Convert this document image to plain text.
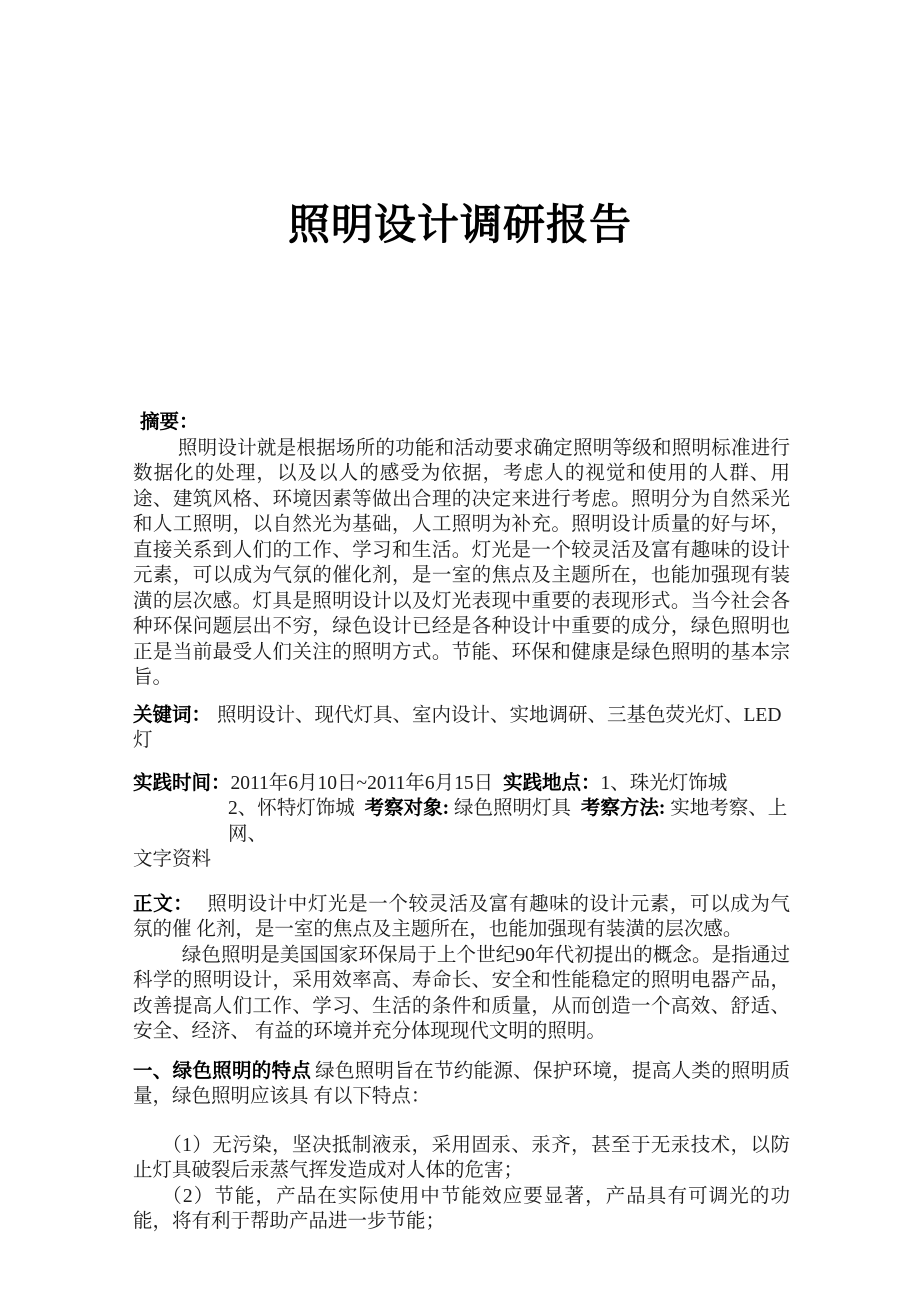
照明设计调研报告

摘要：

照明设计就是根据场所的功能和活动要求确定照明等级和照明标准进行数据化的处理，以及以人的感受为依据，考虑人的视觉和使用的人群、用途、建筑风格、环境因素等做出合理的决定来进行考虑。照明分为自然采光和人工照明，以自然光为基础，人工照明为补充。照明设计质量的好与坏，直接关系到人们的工作、学习和生活。灯光是一个较灵活及富有趣味的设计元素，可以成为气氛的催化剂，是一室的焦点及主题所在，也能加强现有装潢的层次感。灯具是照明设计以及灯光表现中重要的表现形式。当今社会各种环保问题层出不穷，绿色设计已经是各种设计中重要的成分，绿色照明也正是当前最受人们关注的照明方式。节能、环保和健康是绿色照明的基本宗旨。

关键词： 照明设计、现代灯具、室内设计、实地调研、三基色荧光灯、LED灯

实践时间：2011年6月10日~2011年6月15日 实践地点：1、珠光灯饰城
2、怀特灯饰城 考察对象: 绿色照明灯具 考察方法: 实地考察、上网、
文字资料

正文： 照明设计中灯光是一个较灵活及富有趣味的设计元素，可以成为气氛的催 化剂，是一室的焦点及主题所在，也能加强现有装潢的层次感。

绿色照明是美国国家环保局于上个世纪90年代初提出的概念。是指通过科学的照明设计，采用效率高、寿命长、安全和性能稳定的照明电器产品，改善提高人们工作、学习、生活的条件和质量，从而创造一个高效、舒适、安全、经济、 有益的环境并充分体现现代文明的照明。

一、绿色照明的特点 绿色照明旨在节约能源、保护环境，提高人类的照明质量，绿色照明应该具 有以下特点：

（1）无污染，坚决抵制液汞，采用固汞、汞齐，甚至于无汞技术，以防止灯具破裂后汞蒸气挥发造成对人体的危害；

（2）节能，产品在实际使用中节能效应要显著，产品具有可调光的功能，将有利于帮助产品进一步节能；
